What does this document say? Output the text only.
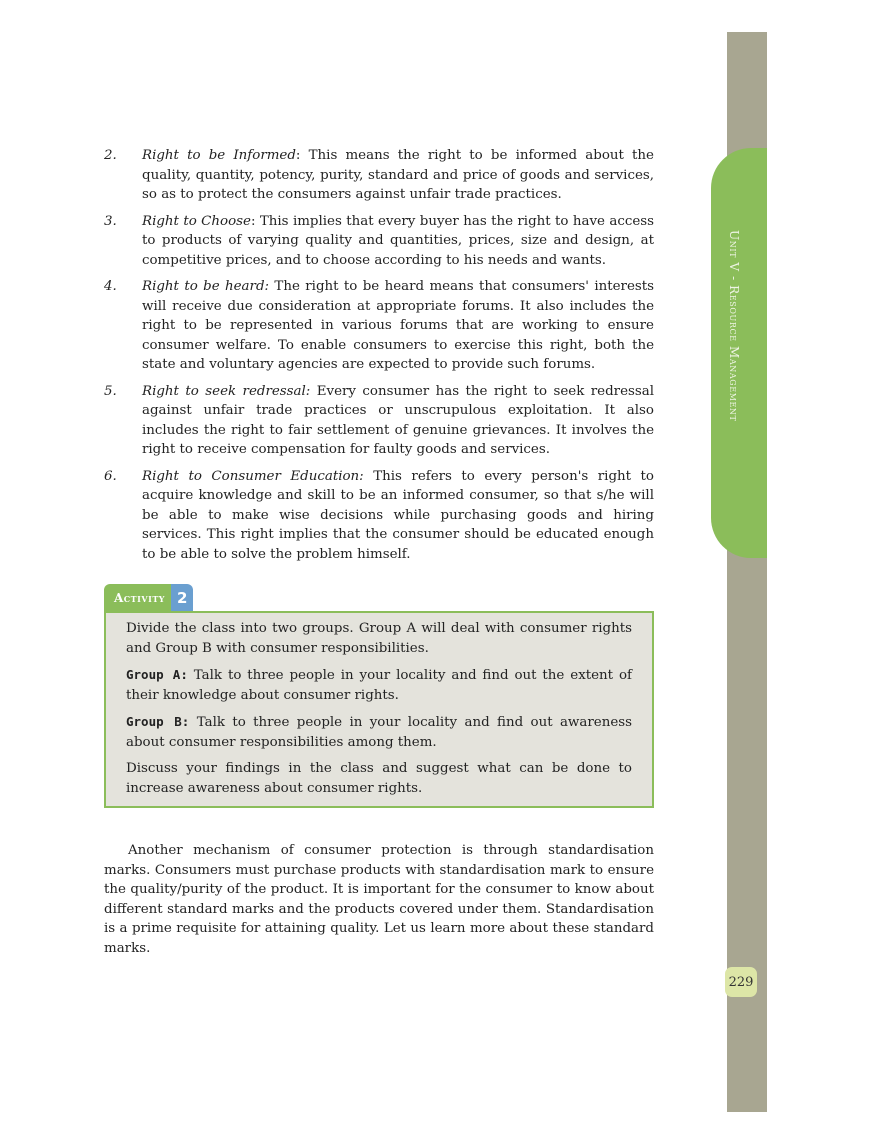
Unit V - Resource Management
229
2.	Right to be Informed: This means the right to be informed about the quality, quantity, potency, purity, standard and price of goods and services, so as to protect the consumers against unfair trade practices.
3.	Right to Choose: This implies that every buyer has the right to have access to products of varying quality and quantities, prices, size and design, at competitive prices, and to choose according to his needs and wants.
4.	Right to be heard: The right to be heard means that consumers' interests will receive due consideration at appropriate forums. It also includes the right to be represented in various forums that are working to ensure consumer welfare. To enable consumers to exercise this right, both the state and voluntary agencies are expected to provide such forums.
5.	Right to seek redressal: Every consumer has the right to seek redressal against unfair trade practices or unscrupulous exploitation. It also includes the right to fair settlement of genuine grievances. It involves the right to receive compensation for faulty goods and services.
6.	Right to Consumer Education: This refers to every person's right to acquire knowledge and skill to be an informed consumer, so that s/he will be able to make wise decisions while purchasing goods and hiring services. This right implies that the consumer should be educated enough to be able to solve the problem himself.
Activity 2

Divide the class into two groups. Group A will deal with consumer rights and Group B with consumer responsibilities.

Group A: Talk to three people in your locality and find out the extent of their knowledge about consumer rights.

Group B: Talk to three people in your locality and find out awareness about consumer responsibilities among them.

Discuss your findings in the class and suggest what can be done to increase awareness about consumer rights.

Another mechanism of consumer protection is through standardisation marks. Consumers must purchase products with standardisation mark to ensure the quality/purity of the product. It is important for the consumer to know about different standard marks and the products covered under them. Standardisation is a prime requisite for attaining quality. Let us learn more about these standard marks.
